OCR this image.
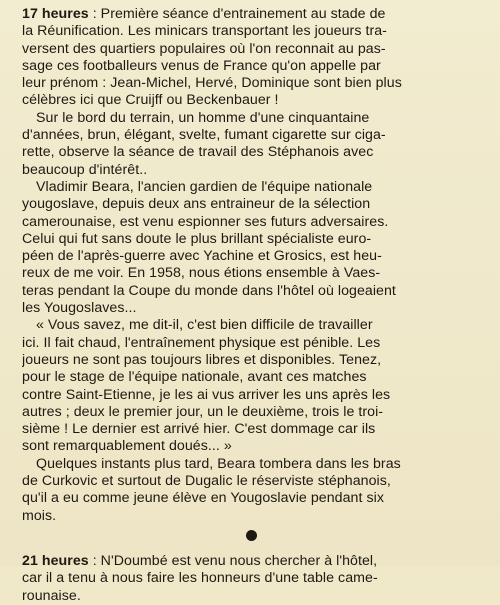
17 heures : Première séance d'entrainement au stade de
la Réunification. Les minicars transportant les joueurs tra-
versent des quartiers populaires où l'on reconnait au pas-
sage ces footballeurs venus de France qu'on appelle par
leur prénom : Jean-Michel, Hervé, Dominique sont bien plus
célèbres ici que Cruijff ou Beckenbauer !
Sur le bord du terrain, un homme d'une cinquantaine
d'années, brun, élégant, svelte, fumant cigarette sur ciga-
rette, observe la séance de travail des Stéphanois avec
beaucoup d'intérêt..
Vladimir Beara, l'ancien gardien de l'équipe nationale
yougoslave, depuis deux ans entraineur de la sélection
camerounaise, est venu espionner ses futurs adversaires.
Celui qui fut sans doute le plus brillant spécialiste euro-
péen de l'après-guerre avec Yachine et Grosics, est heu-
reux de me voir. En 1958, nous étions ensemble à Vaes-
teras pendant la Coupe du monde dans l'hôtel où logeaient
les Yougoslaves...
« Vous savez, me dit-il, c'est bien difficile de travailler
ici. Il fait chaud, l'entraînement physique est pénible. Les
joueurs ne sont pas toujours libres et disponibles. Tenez,
pour le stage de l'équipe nationale, avant ces matches
contre Saint-Etienne, je les ai vus arriver les uns après les
autres ; deux le premier jour, un le deuxième, trois le troi-
sième ! Le dernier est arrivé hier. C'est dommage car ils
sont remarquablement doués... »
Quelques instants plus tard, Beara tombera dans les bras
de Curkovic et surtout de Dugalic le réserviste stéphanois,
qu'il a eu comme jeune élève en Yougoslavie pendant six
mois.
21 heures : N'Doumbé est venu nous chercher à l'hôtel,
car il a tenu à nous faire les honneurs d'une table came-
rounaise.
